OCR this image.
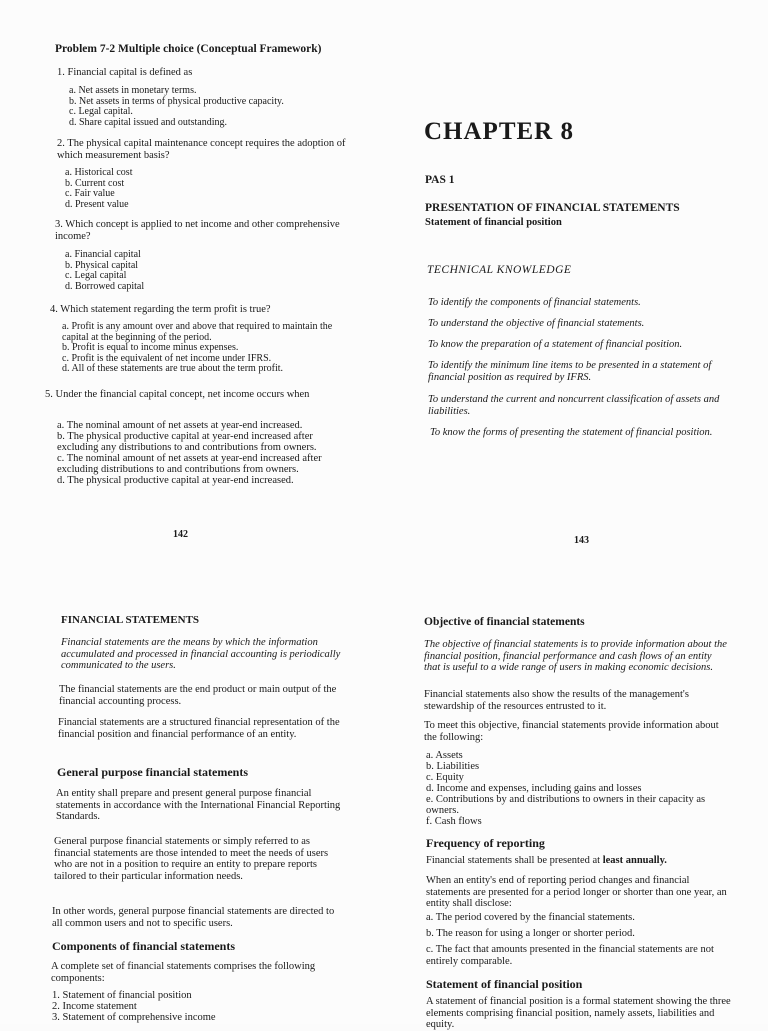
Problem 7-2 Multiple choice (Conceptual Framework)
1. Financial capital is defined as
a. Net assets in monetary terms.
b. Net assets in terms of physical productive capacity.
c. Legal capital.
d. Share capital issued and outstanding.
2. The physical capital maintenance concept requires the adoption of which measurement basis?
a. Historical cost
b. Current cost
c. Fair value
d. Present value
3. Which concept is applied to net income and other comprehensive income?
a. Financial capital
b. Physical capital
c. Legal capital
d. Borrowed capital
4. Which statement regarding the term profit is true?
a. Profit is any amount over and above that required to maintain the capital at the beginning of the period.
b. Profit is equal to income minus expenses.
c. Profit is the equivalent of net income under IFRS.
d. All of these statements are true about the term profit.
5. Under the financial capital concept, net income occurs when
a. The nominal amount of net assets at year-end increased.
b. The physical productive capital at year-end increased after excluding any distributions to and contributions from owners.
c. The nominal amount of net assets at year-end increased after excluding distributions to and contributions from owners.
d. The physical productive capital at year-end increased.
142
CHAPTER 8
PAS 1
PRESENTATION OF FINANCIAL STATEMENTS
Statement of financial position
TECHNICAL KNOWLEDGE
To identify the components of financial statements.
To understand the objective of financial statements.
To know the preparation of a statement of financial position.
To identify the minimum line items to be presented in a statement of financial position as required by IFRS.
To understand the current and noncurrent classification of assets and liabilities.
To know the forms of presenting the statement of financial position.
143
FINANCIAL STATEMENTS
Financial statements are the means by which the information accumulated and processed in financial accounting is periodically communicated to the users.
The financial statements are the end product or main output of the financial accounting process.
Financial statements are a structured financial representation of the financial position and financial performance of an entity.
General purpose financial statements
An entity shall prepare and present general purpose financial statements in accordance with the International Financial Reporting Standards.
General purpose financial statements or simply referred to as financial statements are those intended to meet the needs of users who are not in a position to require an entity to prepare reports tailored to their particular information needs.
In other words, general purpose financial statements are directed to all common users and not to specific users.
Components of financial statements
A complete set of financial statements comprises the following components:
1. Statement of financial position
2. Income statement
3. Statement of comprehensive income
Objective of financial statements
The objective of financial statements is to provide information about the financial position, financial performance and cash flows of an entity that is useful to a wide range of users in making economic decisions.
Financial statements also show the results of the management's stewardship of the resources entrusted to it.
To meet this objective, financial statements provide information about the following:
a. Assets
b. Liabilities
c. Equity
d. Income and expenses, including gains and losses
e. Contributions by and distributions to owners in their capacity as owners.
f. Cash flows
Frequency of reporting
Financial statements shall be presented at least annually.
When an entity's end of reporting period changes and financial statements are presented for a period longer or shorter than one year, an entity shall disclose:
a. The period covered by the financial statements.
b. The reason for using a longer or shorter period.
c. The fact that amounts presented in the financial statements are not entirely comparable.
Statement of financial position
A statement of financial position is a formal statement showing the three elements comprising financial position, namely assets, liabilities and equity.
